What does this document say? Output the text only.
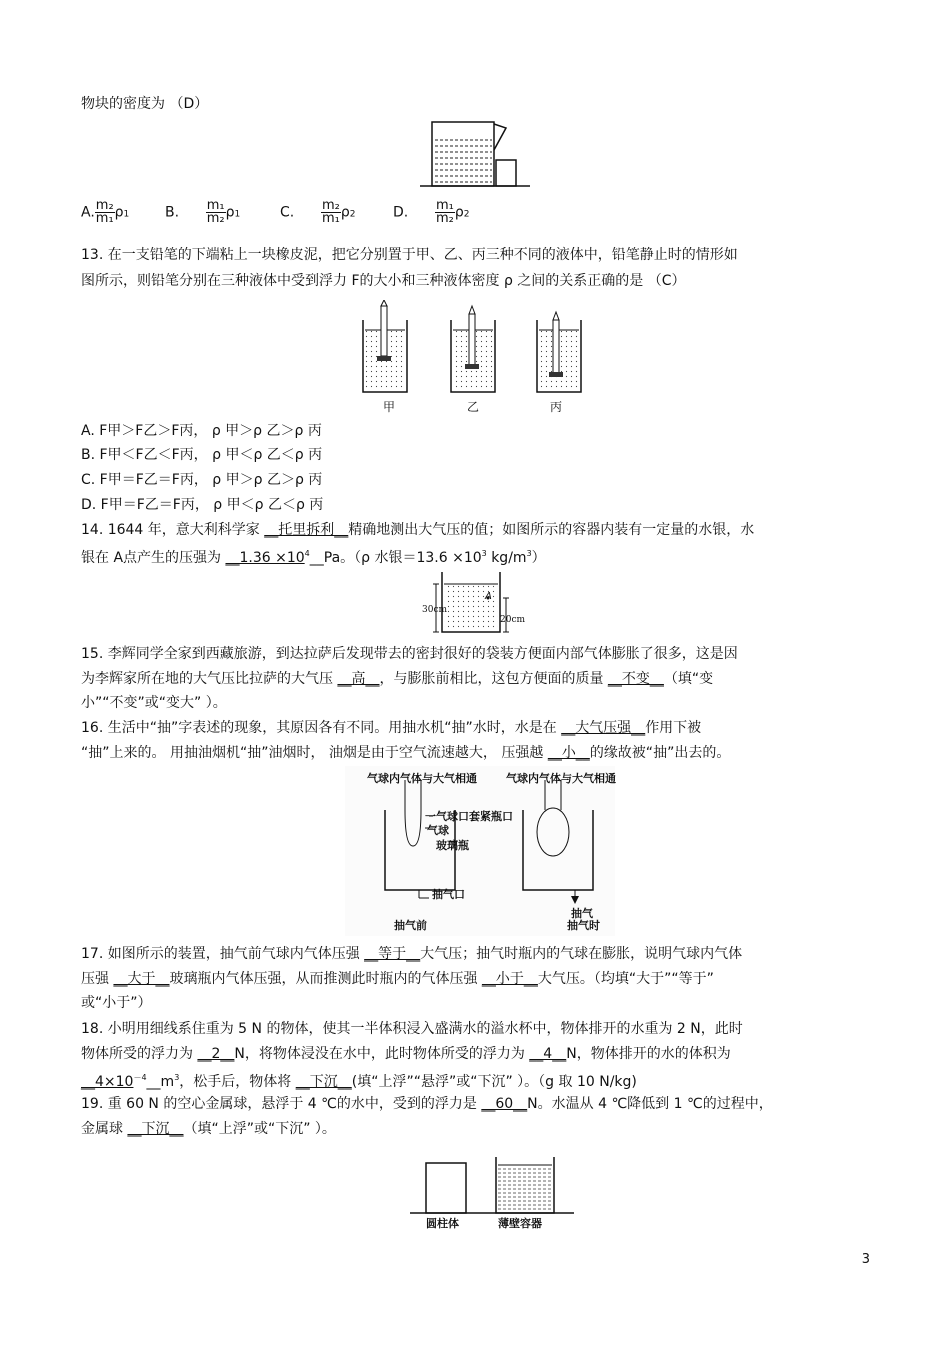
物块的密度为 （D）
A. $\frac{\text{m₂}}{\text{m₁}} \rho 1$	B. $\frac{\text{m₁}}{\text{m₂}} \rho 1$	C. $\frac{\text{m₂}}{\text{m₁}} \rho 2$	D. $\frac{\text{m₁}}{\text{m₂}} \rho 2$
13. 在一支铅笔的下端粘上一块橡皮泥，把它分别置于甲、乙、丙三种不同的液体中，铅笔静止时的情形如
图所示，则铅笔分别在三种液体中受到浮力 F的大小和三种液体密度 ρ 之间的关系正确的是 （C）
甲	乙	丙
A. F甲＞F乙＞F丙， ρ 甲＞ρ 乙＞ρ 丙
B. F甲＜F乙＜F丙， ρ 甲＜ρ 乙＜ρ 丙
C. F甲＝F乙＝F丙， ρ 甲＞ρ 乙＞ρ 丙
D. F甲＝F乙＝F丙， ρ 甲＜ρ 乙＜ρ 丙
14. 1644 年，意大利科学家 __托里拆利__精确地测出大气压的值；如图所示的容器内装有一定量的水银，水
银在 A点产生的压强为 __1.36 $\times 10^4\_\_Pa$。（ρ 水银$=13.6 \times 10^3$ $kg/m^3$）
30cm
20cm
A
15. 李辉同学全家到西藏旅游，到达拉萨后发现带去的密封很好的袋装方便面内部气体膨胀了很多，这是因
为李辉家所在地的大气压比拉萨的大气压 __高__，与膨胀前相比，这包方便面的质量 __不变__（填“变
小”“不变”或“变大” ）。
16. 生活中“抽”字表述的现象，其原因各有不同。用抽水机“抽”水时，水是在 __大气压强__作用下被
“抽”上来的。 用抽油烟机“抽”油烟时， 油烟是由于空气流速越大， 压强越 __小__的缘故被“抽”出去的。
气球内气体与大气相通	气球内气体与大气相通
一气球口套紧瓶口
气球
玻璃瓶
抽气口
抽气前
抽气
抽气时
17. 如图所示的装置，抽气前气球内气体压强 __等于__大气压；抽气时瓶内的气球在膨胀，说明气球内气体
压强 __大于__玻璃瓶内气体压强，从而推测此时瓶内的气体压强 __小于__大气压。（均填“大于”“等于”
或“小于”）
18. 小明用细线系住重为 5 N 的物体，使其一半体积浸入盛满水的溢水杯中，物体排开的水重为 2 N，此时
物体所受的浮力为 __2__N，将物体浸没在水中，此时物体所受的浮力为 __4__N，物体排开的水的体积为
$\_\_4\times 10^{-4}\_\_m^3$，松手后，物体将 __下沉__(填“上浮”“悬浮”或“下沉” ）。（g 取 10 N/kg)
19. 重 60 N 的空心金属球，悬浮于 4 ℃的水中，受到的浮力是 __60__N。水温从 4 ℃降低到 1 ℃的过程中，
金属球 __下沉__（填“上浮”或“下沉” ）。
圆柱体	薄壁容器
3
